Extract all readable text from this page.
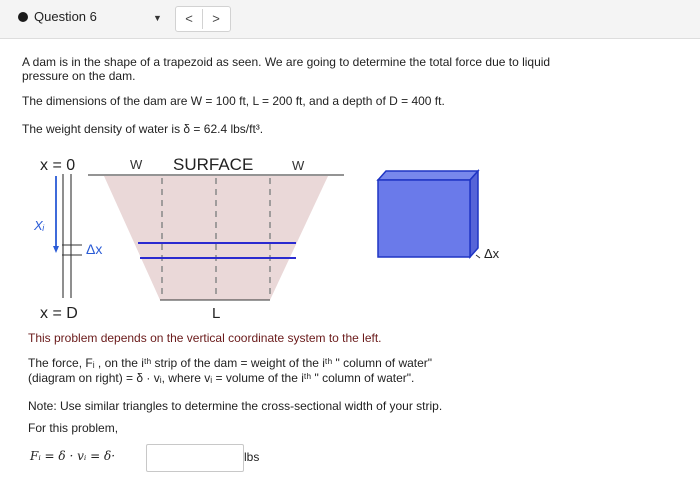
Question 6	▼	<	>
A dam is in the shape of a trapezoid as seen. We are going to determine the total force due to liquid
pressure on the dam.
The dimensions of the dam are W = 100 ft, L = 200 ft, and a depth of D = 400 ft.
The weight density of water is δ = 62.4 lbs/ft³.
x = 0	W SURFACE	W
Xᵢ
Δx
x = D	L
Δx
This problem depends on the vertical coordinate system to the left.
The force, Fᵢ , on the iᵗʰ strip of the dam = weight of the iᵗʰ " column of water"
(diagram on right) = δ · vᵢ, where vᵢ = volume of the iᵗʰ " column of water".
Note: Use similar triangles to determine the cross-sectional width of your strip.
For this problem,
Fᵢ = δ · vᵢ = δ·	lbs
